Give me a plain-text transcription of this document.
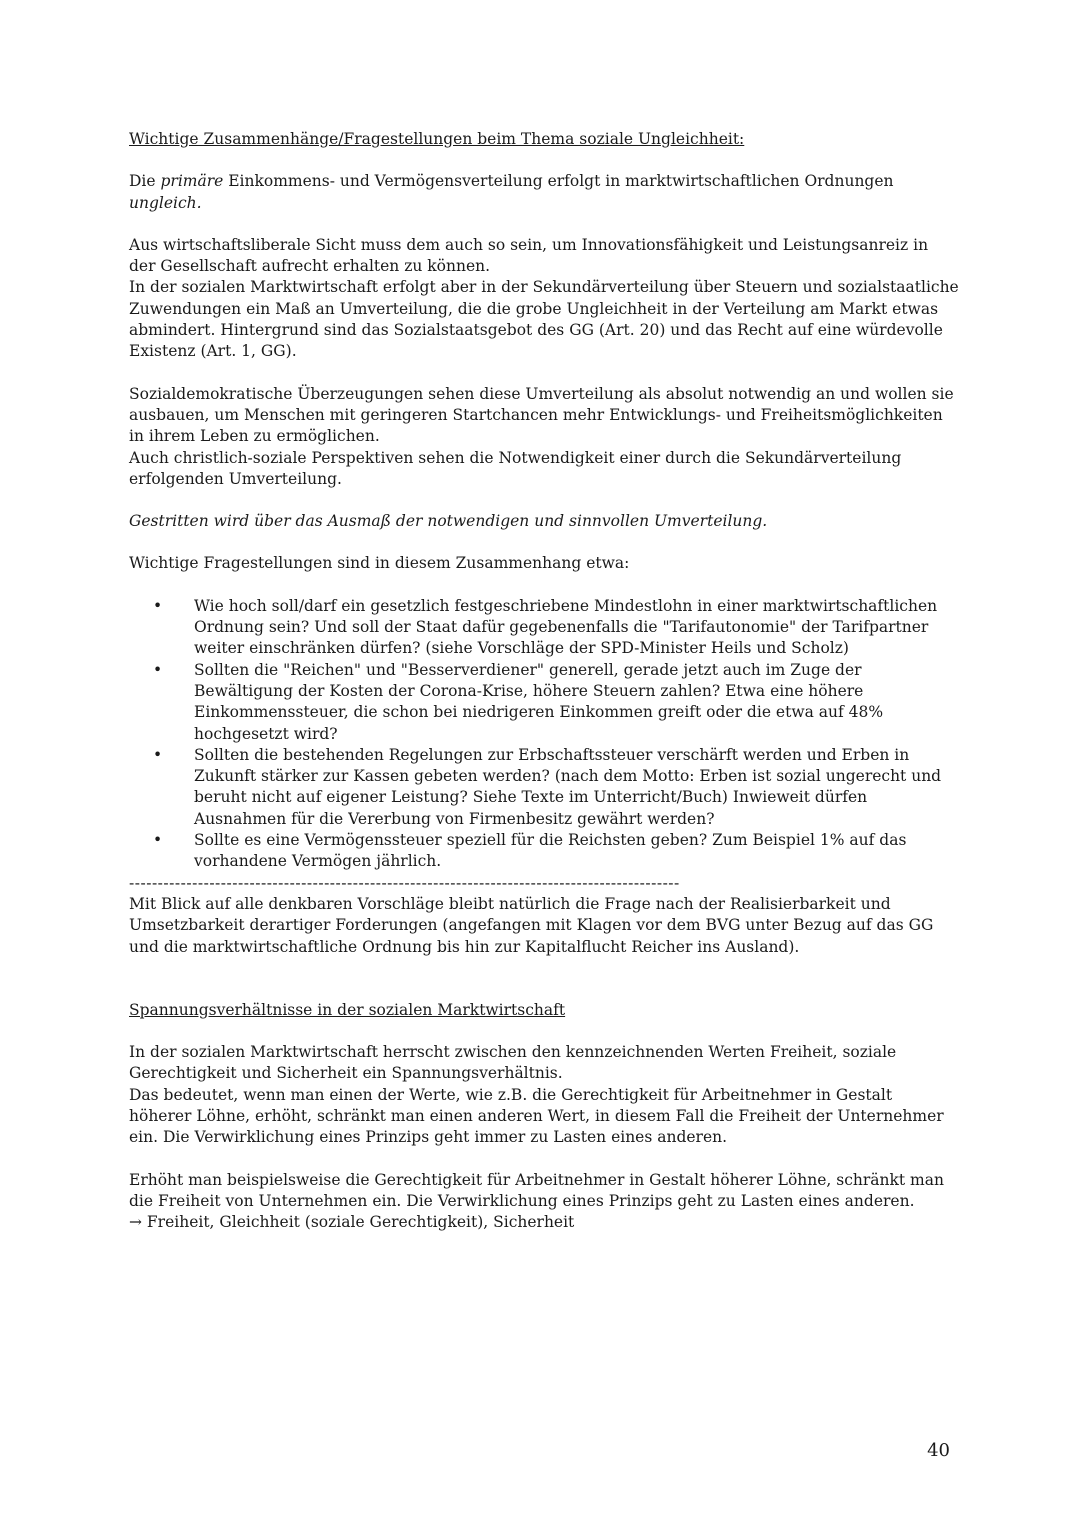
Wichtige Zusammenhänge/Fragestellungen beim Thema soziale Ungleichheit:

Die primäre Einkommens- und Vermögensverteilung erfolgt in marktwirtschaftlichen Ordnungen ungleich.

Aus wirtschaftsliberale Sicht muss dem auch so sein, um Innovationsfähigkeit und Leistungsanreiz in der Gesellschaft aufrecht erhalten zu können.

In der sozialen Marktwirtschaft erfolgt aber in der Sekundärverteilung über Steuern und sozialstaatliche Zuwendungen ein Maß an Umverteilung, die die grobe Ungleichheit in der Verteilung am Markt etwas abmindert. Hintergrund sind das Sozialstaatsgebot des GG (Art. 20) und das Recht auf eine würdevolle Existenz (Art. 1, GG).

Sozialdemokratische Überzeugungen sehen diese Umverteilung als absolut notwendig an und wollen sie ausbauen, um Menschen mit geringeren Startchancen mehr Entwicklungs- und Freiheitsmöglichkeiten in ihrem Leben zu ermöglichen.

Auch christlich-soziale Perspektiven sehen die Notwendigkeit einer durch die Sekundärverteilung erfolgenden Umverteilung.

Gestritten wird über das Ausmaß der notwendigen und sinnvollen Umverteilung.

Wichtige Fragestellungen sind in diesem Zusammenhang etwa:

• Wie hoch soll/darf ein gesetzlich festgeschriebene Mindestlohn in einer marktwirtschaftlichen Ordnung sein? Und soll der Staat dafür gegebenenfalls die "Tarifautonomie" der Tarifpartner weiter einschränken dürfen? (siehe Vorschläge der SPD-Minister Heils und Scholz)
• Sollten die "Reichen" und "Besserverdiener" generell, gerade jetzt auch im Zuge der Bewältigung der Kosten der Corona-Krise, höhere Steuern zahlen? Etwa eine höhere Einkommenssteuer, die schon bei niedrigeren Einkommen greift oder die etwa auf 48% hochgesetzt wird?
• Sollten die bestehenden Regelungen zur Erbschaftssteuer verschärft werden und Erben in Zukunft stärker zur Kassen gebeten werden? (nach dem Motto: Erben ist sozial ungerecht und beruht nicht auf eigener Leistung? Siehe Texte im Unterricht/Buch) Inwieweit dürfen Ausnahmen für die Vererbung von Firmenbesitz gewährt werden?
• Sollte es eine Vermögenssteuer speziell für die Reichsten geben? Zum Beispiel 1% auf das vorhandene Vermögen jährlich.

------------------------------------------------------------------------------------------------

Mit Blick auf alle denkbaren Vorschläge bleibt natürlich die Frage nach der Realisierbarkeit und Umsetzbarkeit derartiger Forderungen (angefangen mit Klagen vor dem BVG unter Bezug auf das GG und die marktwirtschaftliche Ordnung bis hin zur Kapitalflucht Reicher ins Ausland).

Spannungsverhältnisse in der sozialen Marktwirtschaft

In der sozialen Marktwirtschaft herrscht zwischen den kennzeichnenden Werten Freiheit, soziale Gerechtigkeit und Sicherheit ein Spannungsverhältnis.

Das bedeutet, wenn man einen der Werte, wie z.B. die Gerechtigkeit für Arbeitnehmer in Gestalt höherer Löhne, erhöht, schränkt man einen anderen Wert, in diesem Fall die Freiheit der Unternehmer ein. Die Verwirklichung eines Prinzips geht immer zu Lasten eines anderen.

Erhöht man beispielsweise die Gerechtigkeit für Arbeitnehmer in Gestalt höherer Löhne, schränkt man die Freiheit von Unternehmen ein. Die Verwirklichung eines Prinzips geht zu Lasten eines anderen.

→ Freiheit, Gleichheit (soziale Gerechtigkeit), Sicherheit

40
